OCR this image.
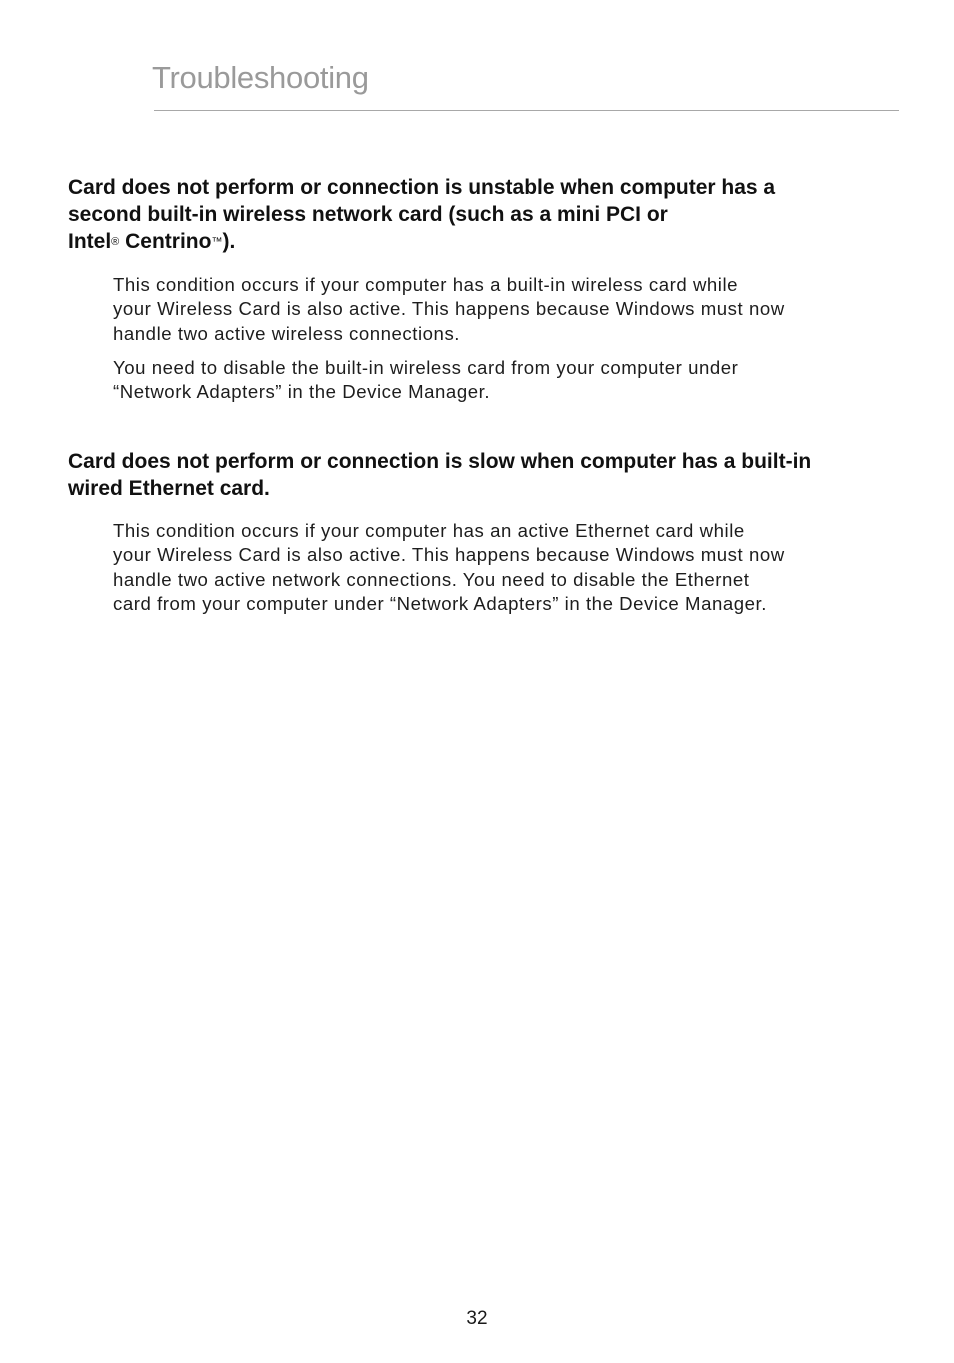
Troubleshooting
Card does not perform or connection is unstable when computer has a
second built-in wireless network card (such as a mini PCI or
Intel® Centrino™).

This condition occurs if your computer has a built-in wireless card while
your Wireless Card is also active. This happens because Windows must now
handle two active wireless connections.

You need to disable the built-in wireless card from your computer under
“Network Adapters” in the Device Manager.

Card does not perform or connection is slow when computer has a built-in
wired Ethernet card.

This condition occurs if your computer has an active Ethernet card while
your Wireless Card is also active. This happens because Windows must now
handle two active network connections. You need to disable the Ethernet
card from your computer under “Network Adapters” in the Device Manager.

32
